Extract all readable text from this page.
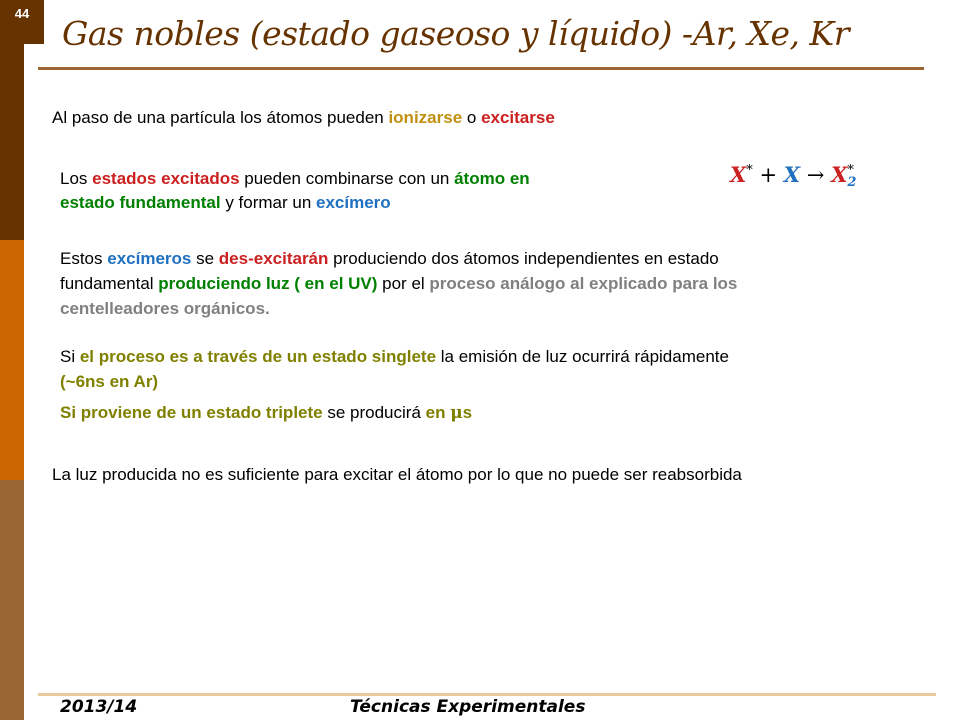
44
Gas nobles (estado gaseoso y líquido) -Ar, Xe, Kr
Al paso de una partícula los átomos pueden ionizarse o excitarse
Los estados excitados pueden combinarse con un átomo en
estado fundamental y formar un excímero
X* + X → X *
2
Estos excímeros se des-excitarán produciendo dos átomos independientes en estado
fundamental produciendo luz ( en el UV) por el proceso análogo al explicado para los
centelleadores orgánicos.
Si el proceso es a través de un estado singlete la emisión de luz ocurrirá rápidamente
(~6ns en Ar)
Si proviene de un estado triplete se producirá en μs
La luz producida no es suficiente para excitar el átomo por lo que no puede ser reabsorbida
2013/14	Técnicas Experimentales
